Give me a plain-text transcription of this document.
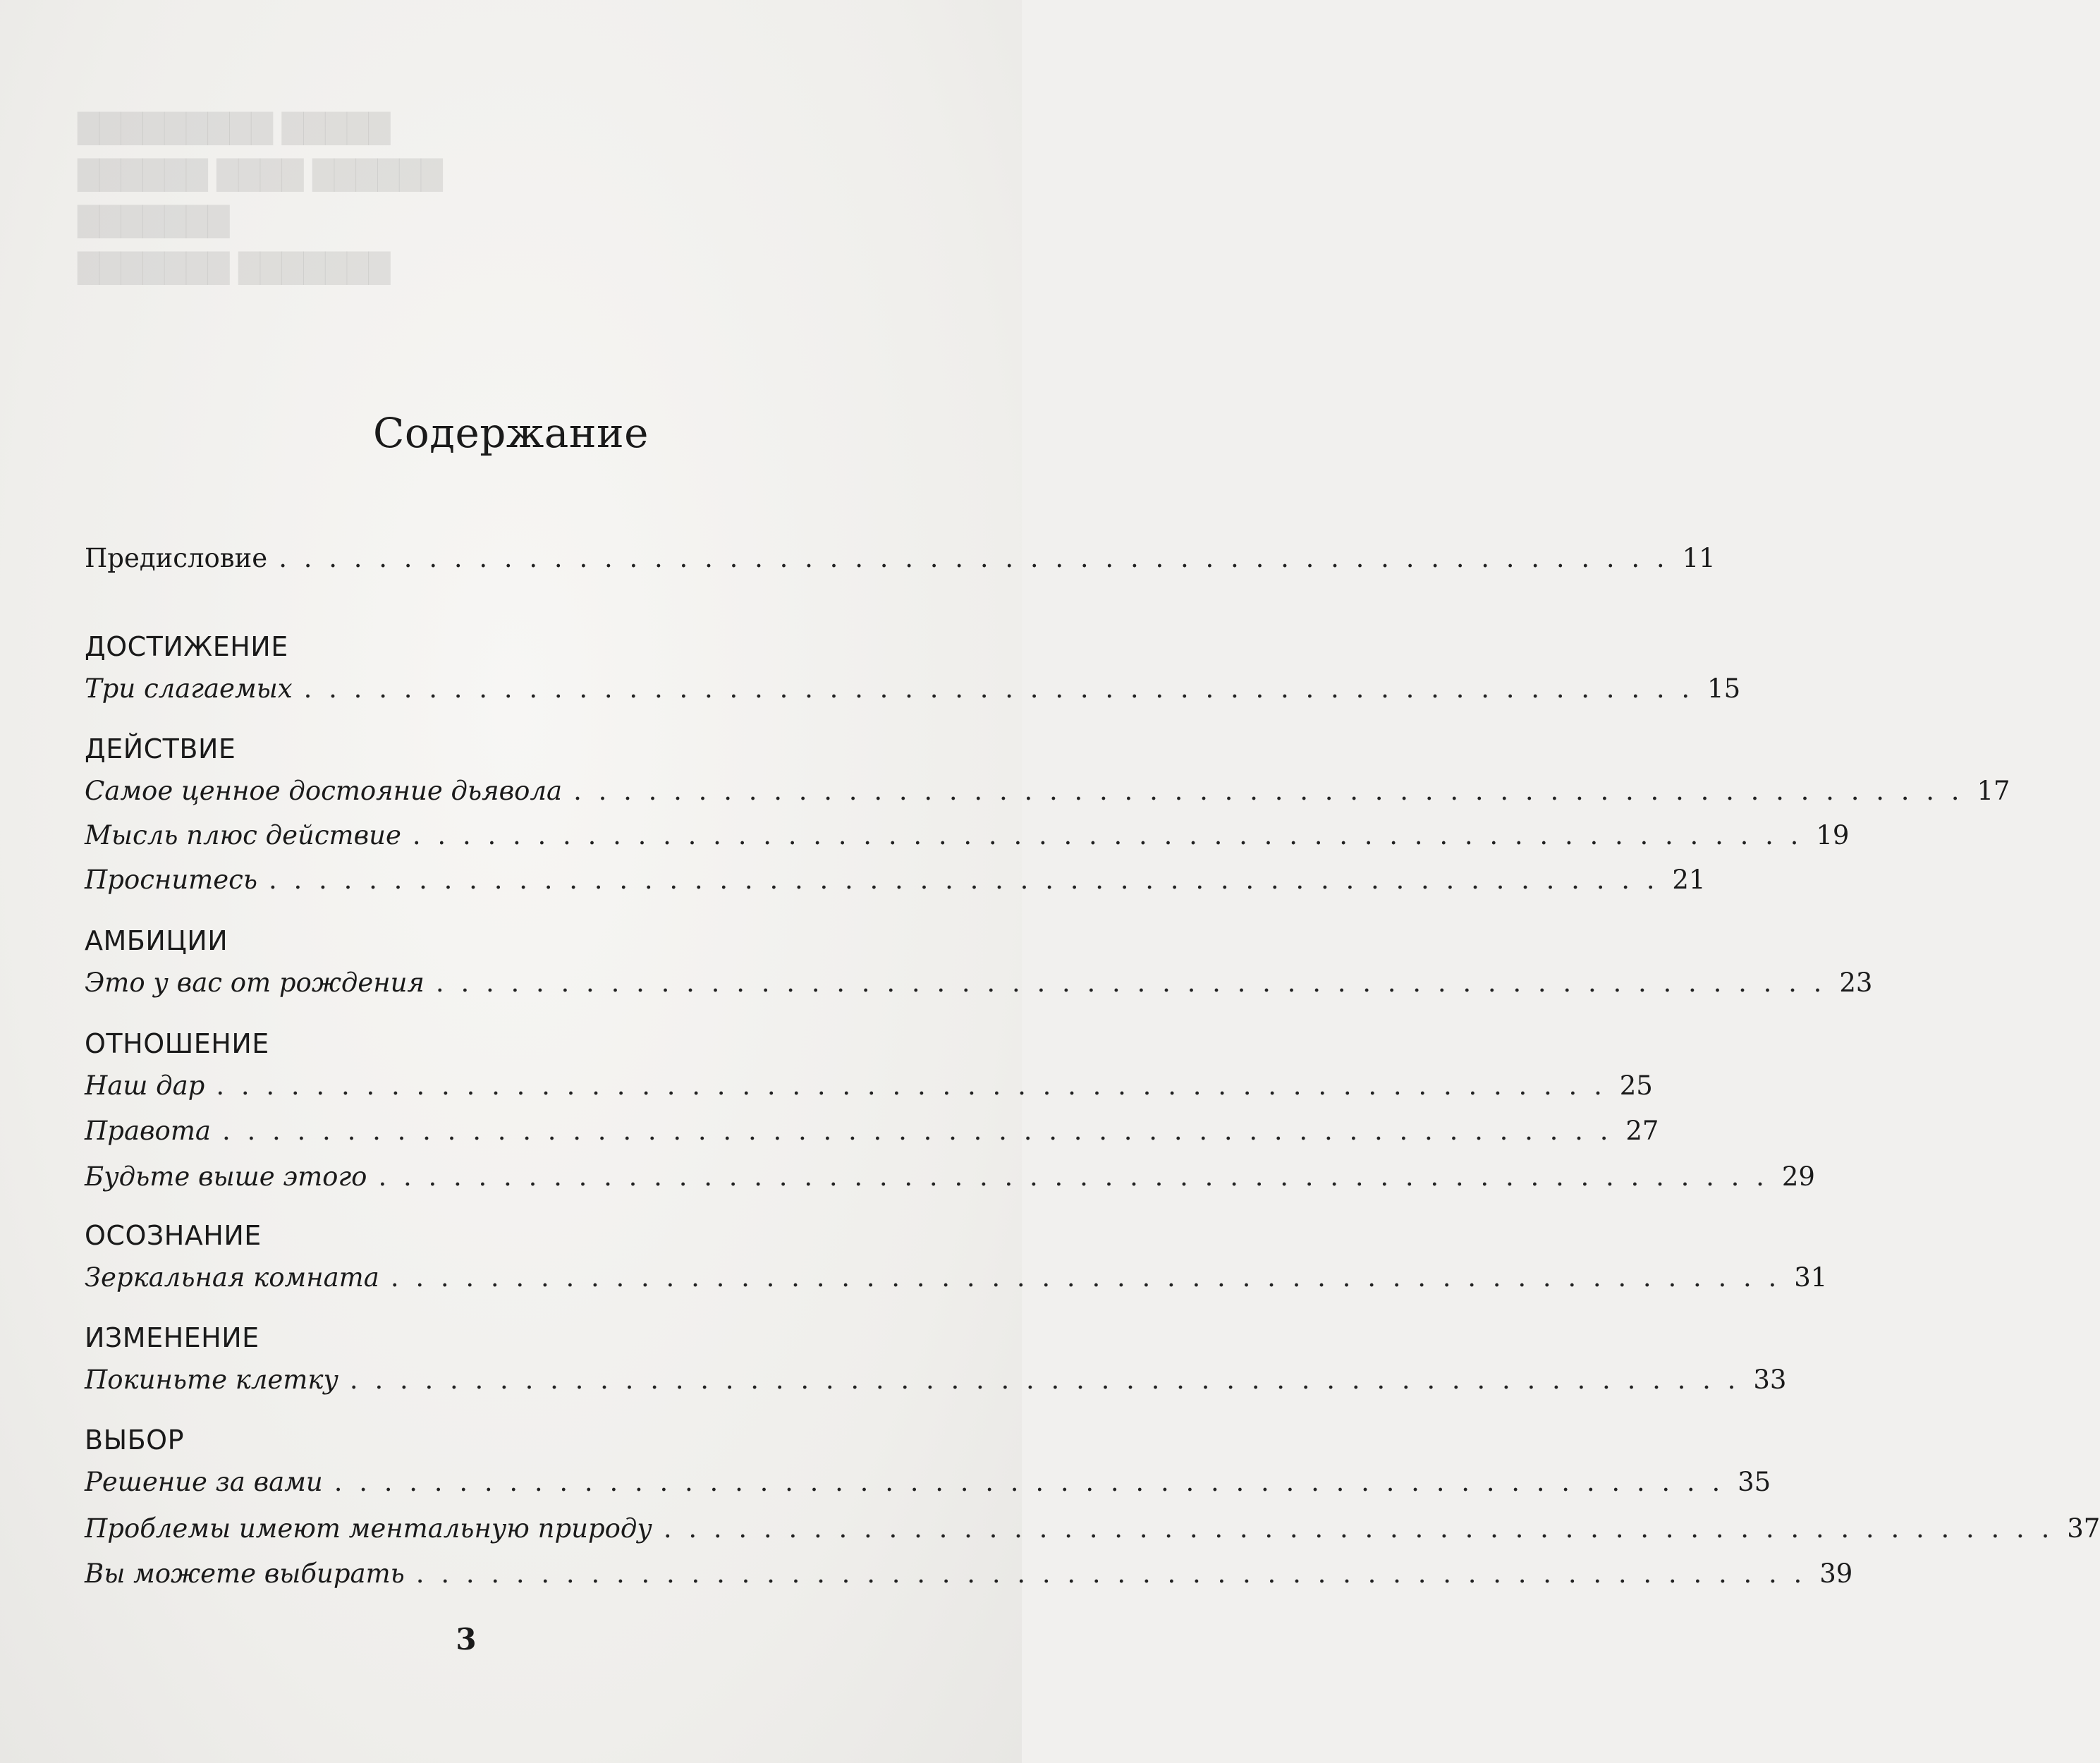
█████ █████████
██████ ████ ██████
███████
███████ ███████
Содержание
Предисловие . . . . . . . . . . . . . . . . . . . . . . . . . . . . . . . . . . . . . . . . . . . . . . . . . . . . . . . . 11
ДОСТИЖЕНИЕ
Три слагаемых . . . . . . . . . . . . . . . . . . . . . . . . . . . . . . . . . . . . . . . . . . . . . . . . . . . . . . . . 15
ДЕЙСТВИЕ
Самое ценное достояние дьявола . . . . . . . . . . . . . . . . . . . . . . . . . . . . . . . . . . . . . . . . . . . . . . . . . . . . . . . . 17
Мысль плюс действие . . . . . . . . . . . . . . . . . . . . . . . . . . . . . . . . . . . . . . . . . . . . . . . . . . . . . . . . 19
Проснитесь . . . . . . . . . . . . . . . . . . . . . . . . . . . . . . . . . . . . . . . . . . . . . . . . . . . . . . . . 21
АМБИЦИИ
Это у вас от рождения . . . . . . . . . . . . . . . . . . . . . . . . . . . . . . . . . . . . . . . . . . . . . . . . . . . . . . . . 23
ОТНОШЕНИЕ
Наш дар . . . . . . . . . . . . . . . . . . . . . . . . . . . . . . . . . . . . . . . . . . . . . . . . . . . . . . . . 25
Правота . . . . . . . . . . . . . . . . . . . . . . . . . . . . . . . . . . . . . . . . . . . . . . . . . . . . . . . . 27
Будьте выше этого . . . . . . . . . . . . . . . . . . . . . . . . . . . . . . . . . . . . . . . . . . . . . . . . . . . . . . . . 29
ОСОЗНАНИЕ
Зеркальная комната . . . . . . . . . . . . . . . . . . . . . . . . . . . . . . . . . . . . . . . . . . . . . . . . . . . . . . . . 31
ИЗМЕНЕНИЕ
Покиньте клетку . . . . . . . . . . . . . . . . . . . . . . . . . . . . . . . . . . . . . . . . . . . . . . . . . . . . . . . . 33
ВЫБОР
Решение за вами . . . . . . . . . . . . . . . . . . . . . . . . . . . . . . . . . . . . . . . . . . . . . . . . . . . . . . . . 35
Проблемы имеют ментальную природу . . . . . . . . . . . . . . . . . . . . . . . . . . . . . . . . . . . . . . . . . . . . . . . . . . . . . . . . 37
Вы можете выбирать . . . . . . . . . . . . . . . . . . . . . . . . . . . . . . . . . . . . . . . . . . . . . . . . . . . . . . . . 39
3
